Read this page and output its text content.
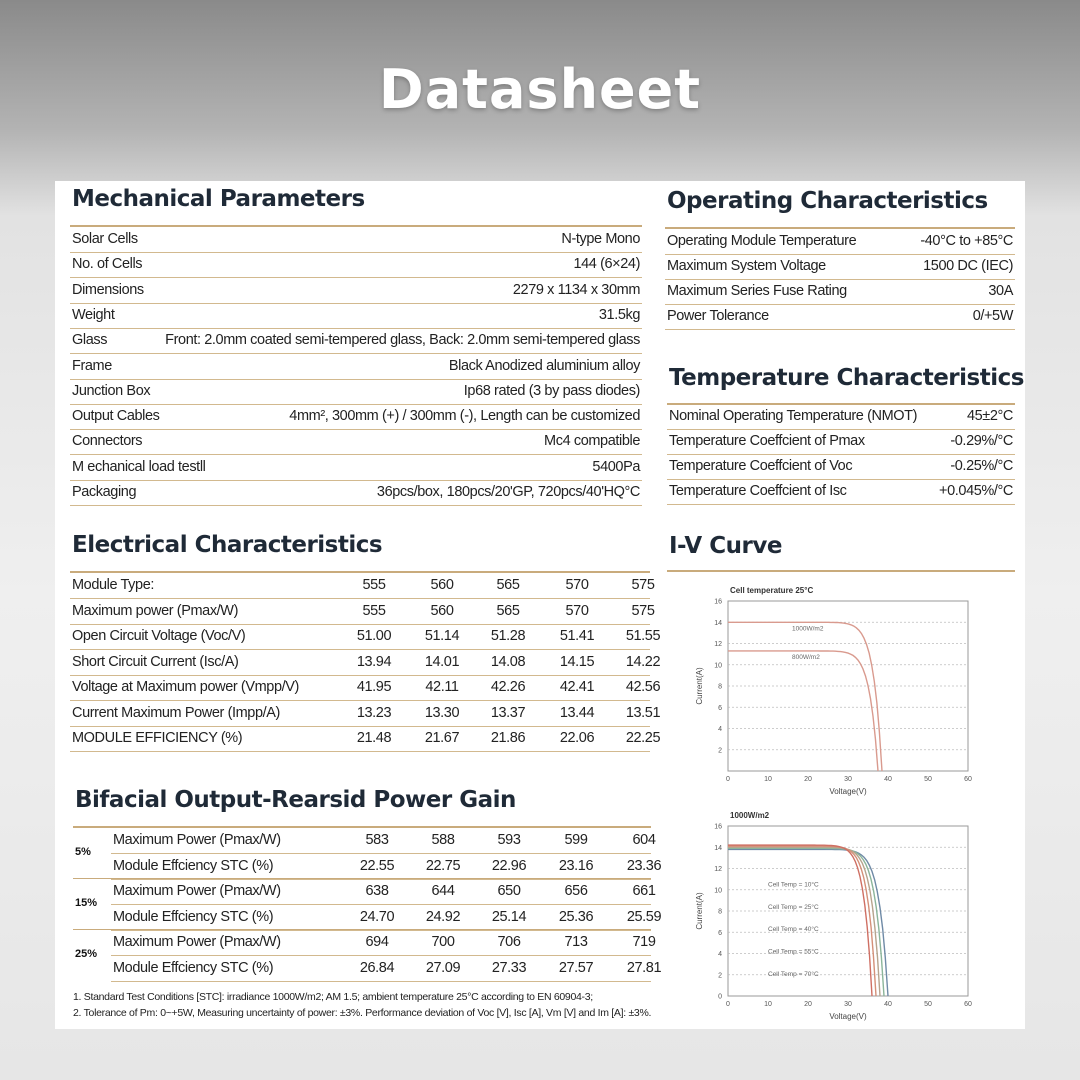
Datasheet
Mechanical Parameters
Solar Cells	N-type Mono
No. of Cells	144 (6×24)
Dimensions	2279 x 1134 x 30mm
Weight	31.5kg
Glass	Front: 2.0mm coated semi-tempered glass, Back: 2.0mm semi-tempered glass
Frame	Black Anodized aluminium alloy
Junction Box	Ip68 rated (3 by pass diodes)
Output Cables	4mm², 300mm (+) / 300mm (-), Length can be customized
Connectors	Mc4 compatible
M echanical load testll	5400Pa
Packaging	36pcs/box, 180pcs/20'GP, 720pcs/40'HQ°C
Operating Characteristics
Operating Module Temperature	-40°C to +85°C
Maximum System Voltage	1500 DC (IEC)
Maximum Series Fuse Rating	30A
Power Tolerance	0/+5W
Temperature Characteristics
Nominal Operating Temperature (NMOT)	45±2°C
Temperature Coeffcient of Pmax	-0.29%/°C
Temperature Coeffcient of Voc	-0.25%/°C
Temperature Coeffcient of Isc	+0.045%/°C
Electrical Characteristics
Module Type:	555	560	565	570	575
Maximum power (Pmax/W)	555	560	565	570	575
Open Circuit Voltage (Voc/V)	51.00	51.14	51.28	51.41	51.55
Short Circuit Current (Isc/A)	13.94	14.01	14.08	14.15	14.22
Voltage at Maximum power (Vmpp/V)	41.95	42.11	42.26	42.41	42.56
Current Maximum Power (Impp/A)	13.23	13.30	13.37	13.44	13.51
MODULE EFFICIENCY (%)	21.48	21.67	21.86	22.06	22.25
Bifacial Output-Rearsid Power Gain
5%
Maximum Power (Pmax/W)	583	588	593	599	604
Module Effciency STC (%)	22.55	22.75	22.96	23.16	23.36
15%
Maximum Power (Pmax/W)	638	644	650	656	661
Module Effciency STC (%)	24.70	24.92	25.14	25.36	25.59
25%
Maximum Power (Pmax/W)	694	700	706	713	719
Module Effciency STC (%)	26.84	27.09	27.33	27.57	27.81
1. Standard Test Conditions [STC]: irradiance 1000W/m2; AM 1.5; ambient temperature 25°C according to EN 60904-3;
2. Tolerance of Pm: 0~+5W, Measuring uncertainty of power: ±3%. Performance deviation of Voc [V], Isc [A], Vm [V] and Im [A]: ±3%.
I-V Curve
2
4
6
8
10
12
14
16
0	10	20	30	40	50	60
Cell temperature 25°C
Voltage(V)
Current(A)
1000W/m2
800W/m2
0
2
4
6
8
10
12
14
16
0	10	20	30	40	50	60
1000W/m2
Voltage(V)
Current(A)
Cell Temp = 10°C
Cell Temp = 25°C
Cell Temp = 40°C
Cell Temp = 55°C
Cell Temp = 70°C
